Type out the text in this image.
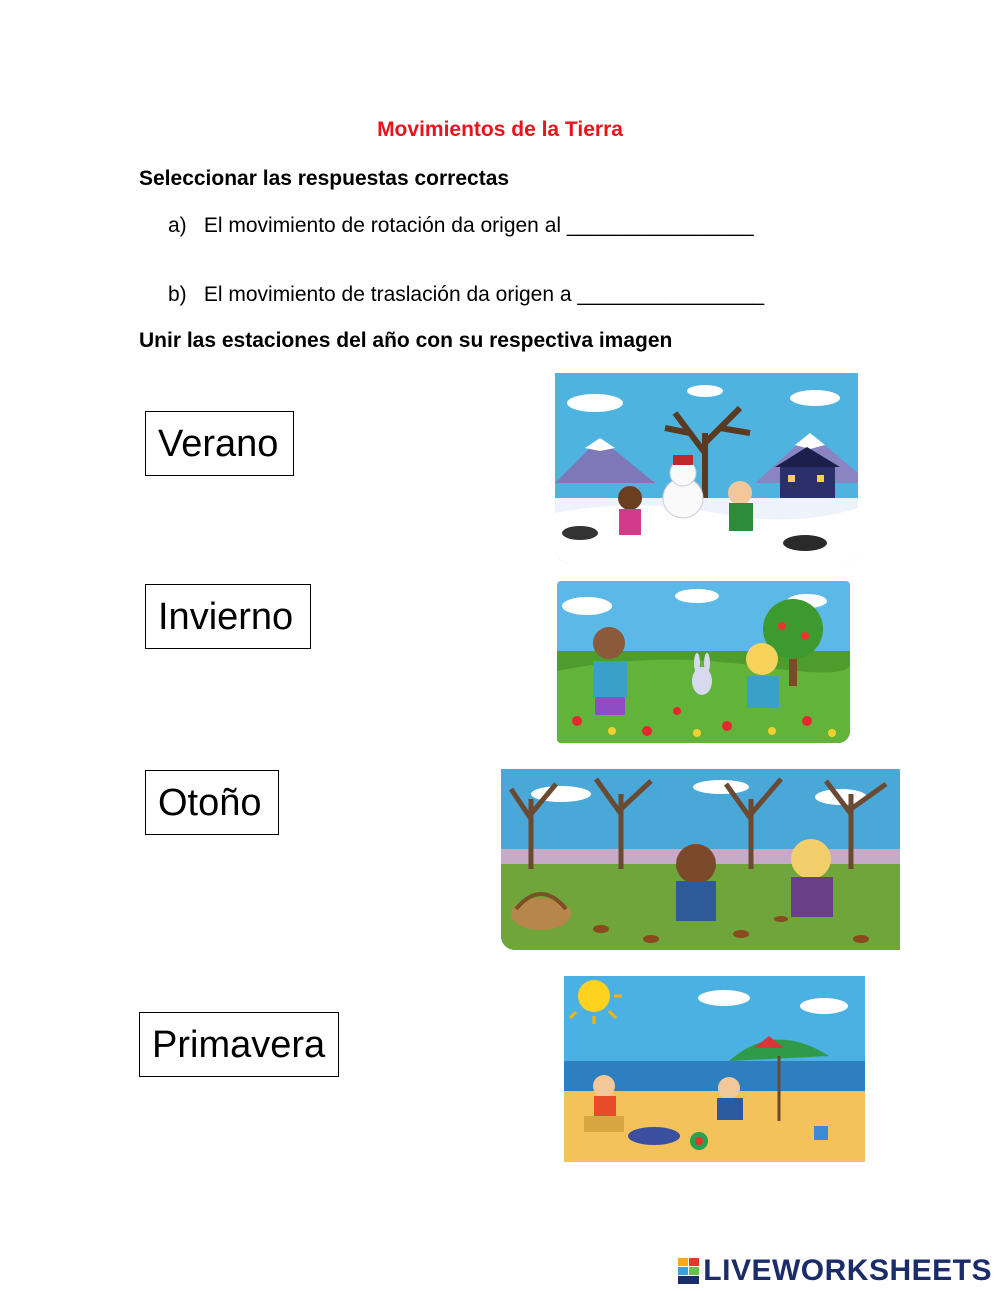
Movimientos de la Tierra
Seleccionar las respuestas correctas
a) El movimiento de rotación da origen al ________________
b) El movimiento de traslación da origen a ________________
Unir las estaciones del año con su respectiva imagen
Verano
Invierno
Otoño
Primavera
LIVEWORKSHEETS
